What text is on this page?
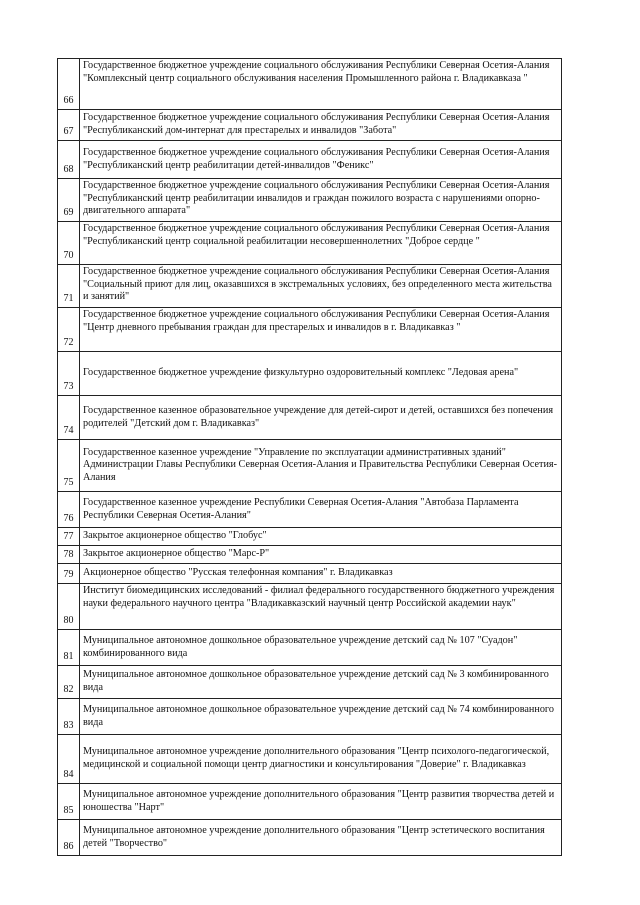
66	Государственное бюджетное учреждение социального обслуживания Республики Северная Осетия-Алания "Комплексный центр социального обслуживания населения Промышленного района г. Владикавказа "
67	Государственное бюджетное учреждение социального обслуживания Республики Северная Осетия-Алания "Республиканский дом-интернат для престарелых и инвалидов "Забота"
68	Государственное бюджетное учреждение социального обслуживания Республики Северная Осетия-Алания "Республиканский центр реабилитации детей-инвалидов "Феникс"
69	Государственное бюджетное учреждение социального обслуживания Республики Северная Осетия-Алания "Республиканский центр реабилитации инвалидов и граждан пожилого возраста с нарушениями опорно-двигательного аппарата"
70	Государственное бюджетное учреждение социального обслуживания Республики Северная Осетия-Алания "Республиканский центр социальной реабилитации несовершеннолетних "Доброе сердце "
71	Государственное бюджетное учреждение социального обслуживания Республики Северная Осетия-Алания "Социальный приют для лиц, оказавшихся в экстремальных условиях, без определенного места жительства и занятий"
72	Государственное бюджетное учреждение социального обслуживания Республики Северная Осетия-Алания "Центр дневного пребывания граждан для престарелых и инвалидов в г. Владикавказ "
73	Государственное бюджетное учреждение физкультурно оздоровительный комплекс "Ледовая арена"
74	Государственное казенное образовательное учреждение для детей-сирот и детей, оставшихся без попечения родителей "Детский дом г. Владикавказ"
75	Государственное казенное учреждение "Управление по эксплуатации административных зданий" Администрации Главы Республики Северная Осетия-Алания и Правительства Республики Северная Осетия-Алания
76	Государственное казенное учреждение Республики Северная Осетия-Алания "Автобаза Парламента Республики Северная Осетия-Алания"
77	Закрытое акционерное общество "Глобус"
78	Закрытое акционерное общество "Марс-Р"
79	Акционерное общество "Русская телефонная компания" г. Владикавказ
80	Институт биомедицинских исследований - филиал федерального государственного бюджетного учреждения науки федерального научного центра "Владикавказский научный центр Российской академии наук"
81	Муниципальное автономное дошкольное образовательное учреждение детский сад № 107 "Суадон" комбинированного вида
82	Муниципальное автономное дошкольное образовательное учреждение детский сад № 3 комбинированного вида
83	Муниципальное автономное дошкольное образовательное учреждение детский сад № 74 комбинированного вида
84	Муниципальное автономное учреждение дополнительного образования "Центр психолого-педагогической, медицинской и социальной помощи центр диагностики и консультирования "Доверие" г. Владикавказ
85	Муниципальное автономное учреждение дополнительного образования "Центр развития творчества детей и юношества "Нарт"
86	Муниципальное автономное учреждение дополнительного образования "Центр эстетического воспитания детей "Творчество"
